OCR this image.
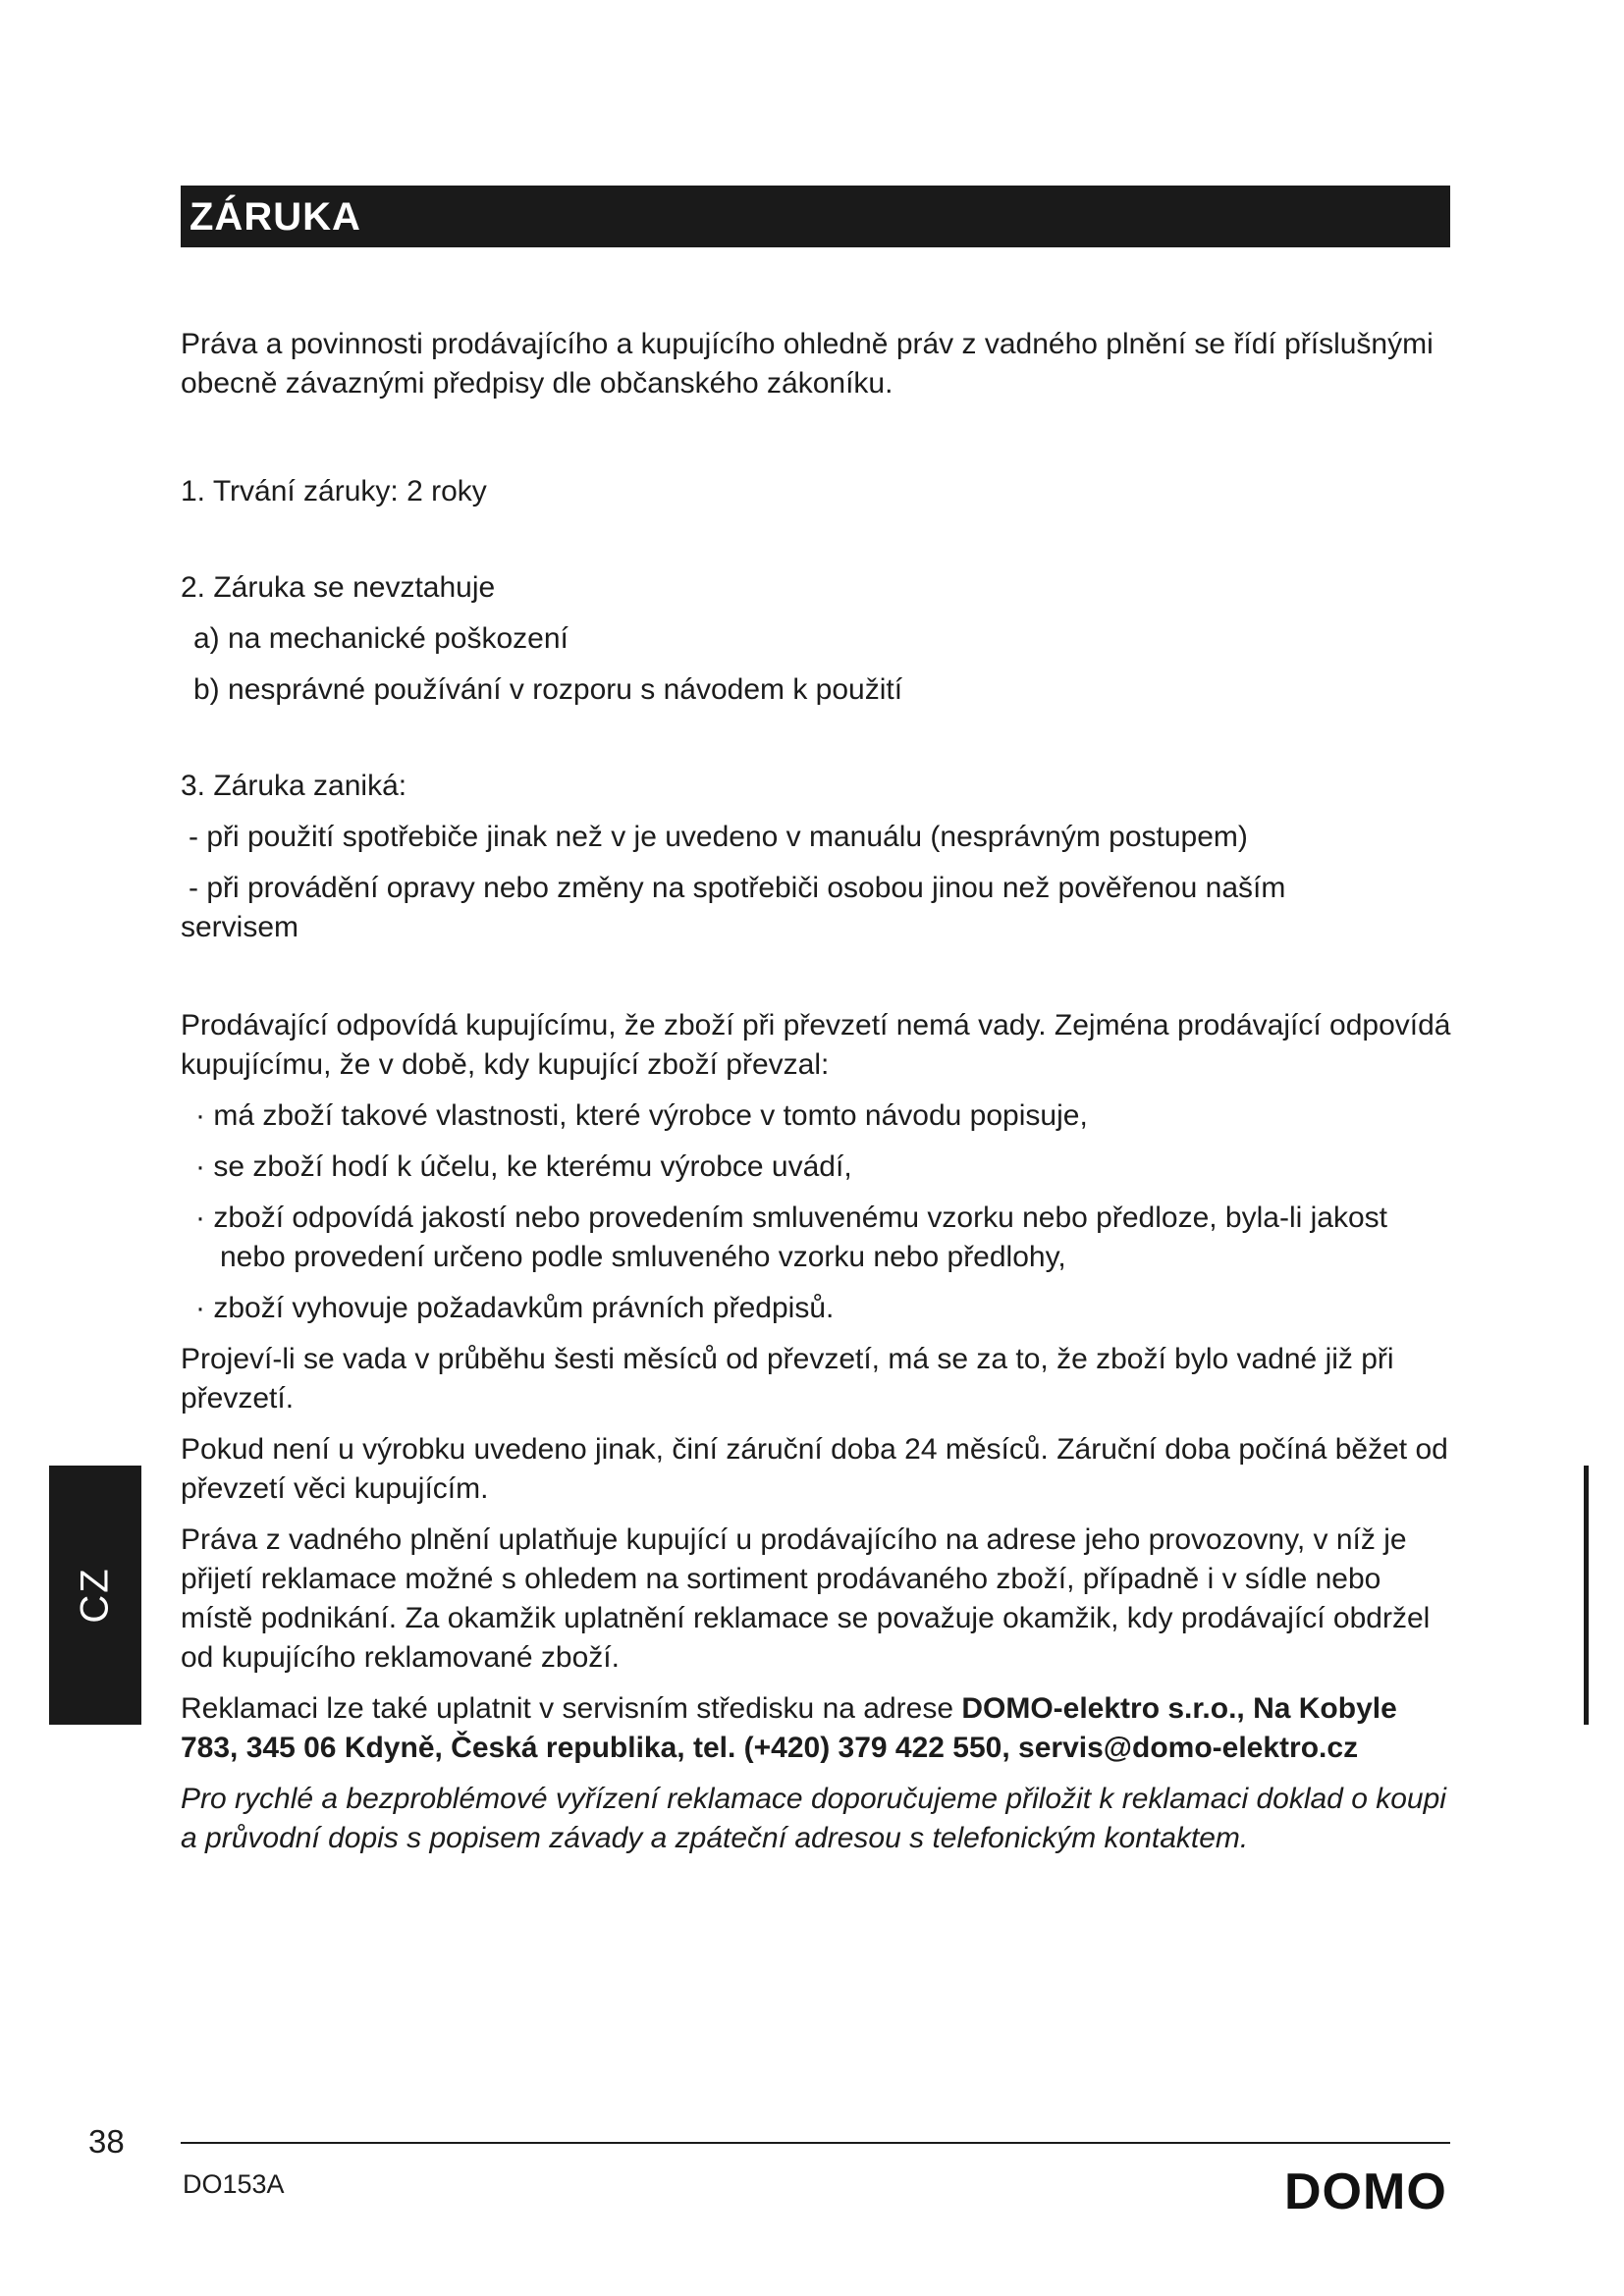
ZÁRUKA

Práva a povinnosti prodávajícího a kupujícího ohledně práv z vadného plnění se řídí příslušnými obecně závaznými předpisy dle občanského zákoníku.

1. Trvání záruky: 2 roky

2. Záruka se nevztahuje

a) na mechanické poškození

b) nesprávné používání v rozporu s návodem k použití

3. Záruka zaniká:

- při použití spotřebiče jinak než v je uvedeno v manuálu (nesprávným postupem)

- při provádění opravy nebo změny na spotřebiči osobou jinou než pověřenou naším

servisem

Prodávající odpovídá kupujícímu, že zboží při převzetí nemá vady. Zejména prodávající odpovídá kupujícímu, že v době, kdy kupující zboží převzal:

· má zboží takové vlastnosti, které výrobce v tomto návodu popisuje,

· se zboží hodí k účelu, ke kterému výrobce uvádí,

· zboží odpovídá jakostí nebo provedením smluvenému vzorku nebo předloze, byla-li jakost

nebo provedení určeno podle smluveného vzorku nebo předlohy,

· zboží vyhovuje požadavkům právních předpisů.

Projeví-li se vada v průběhu šesti měsíců od převzetí, má se za to, že zboží bylo vadné již při převzetí.

Pokud není u výrobku uvedeno jinak, činí záruční doba 24 měsíců. Záruční doba počíná běžet od převzetí věci kupujícím.

Práva z vadného plnění uplatňuje kupující u prodávajícího na adrese jeho provozovny, v níž je přijetí reklamace možné s ohledem na sortiment prodávaného zboží, případně i v sídle nebo místě podnikání. Za okamžik uplatnění reklamace se považuje okamžik, kdy prodávající obdržel od kupujícího reklamované zboží.

Reklamaci lze také uplatnit v servisním středisku na adrese DOMO-elektro s.r.o., Na Kobyle 783, 345 06 Kdyně, Česká republika, tel. (+420) 379 422 550, servis@domo-elektro.cz

Pro rychlé a bezproblémové vyřízení reklamace doporučujeme přiložit k reklamaci doklad o koupi a průvodní dopis s popisem závady a zpáteční adresou s telefonickým kontaktem.

CZ
38
DO153A	DOMO
